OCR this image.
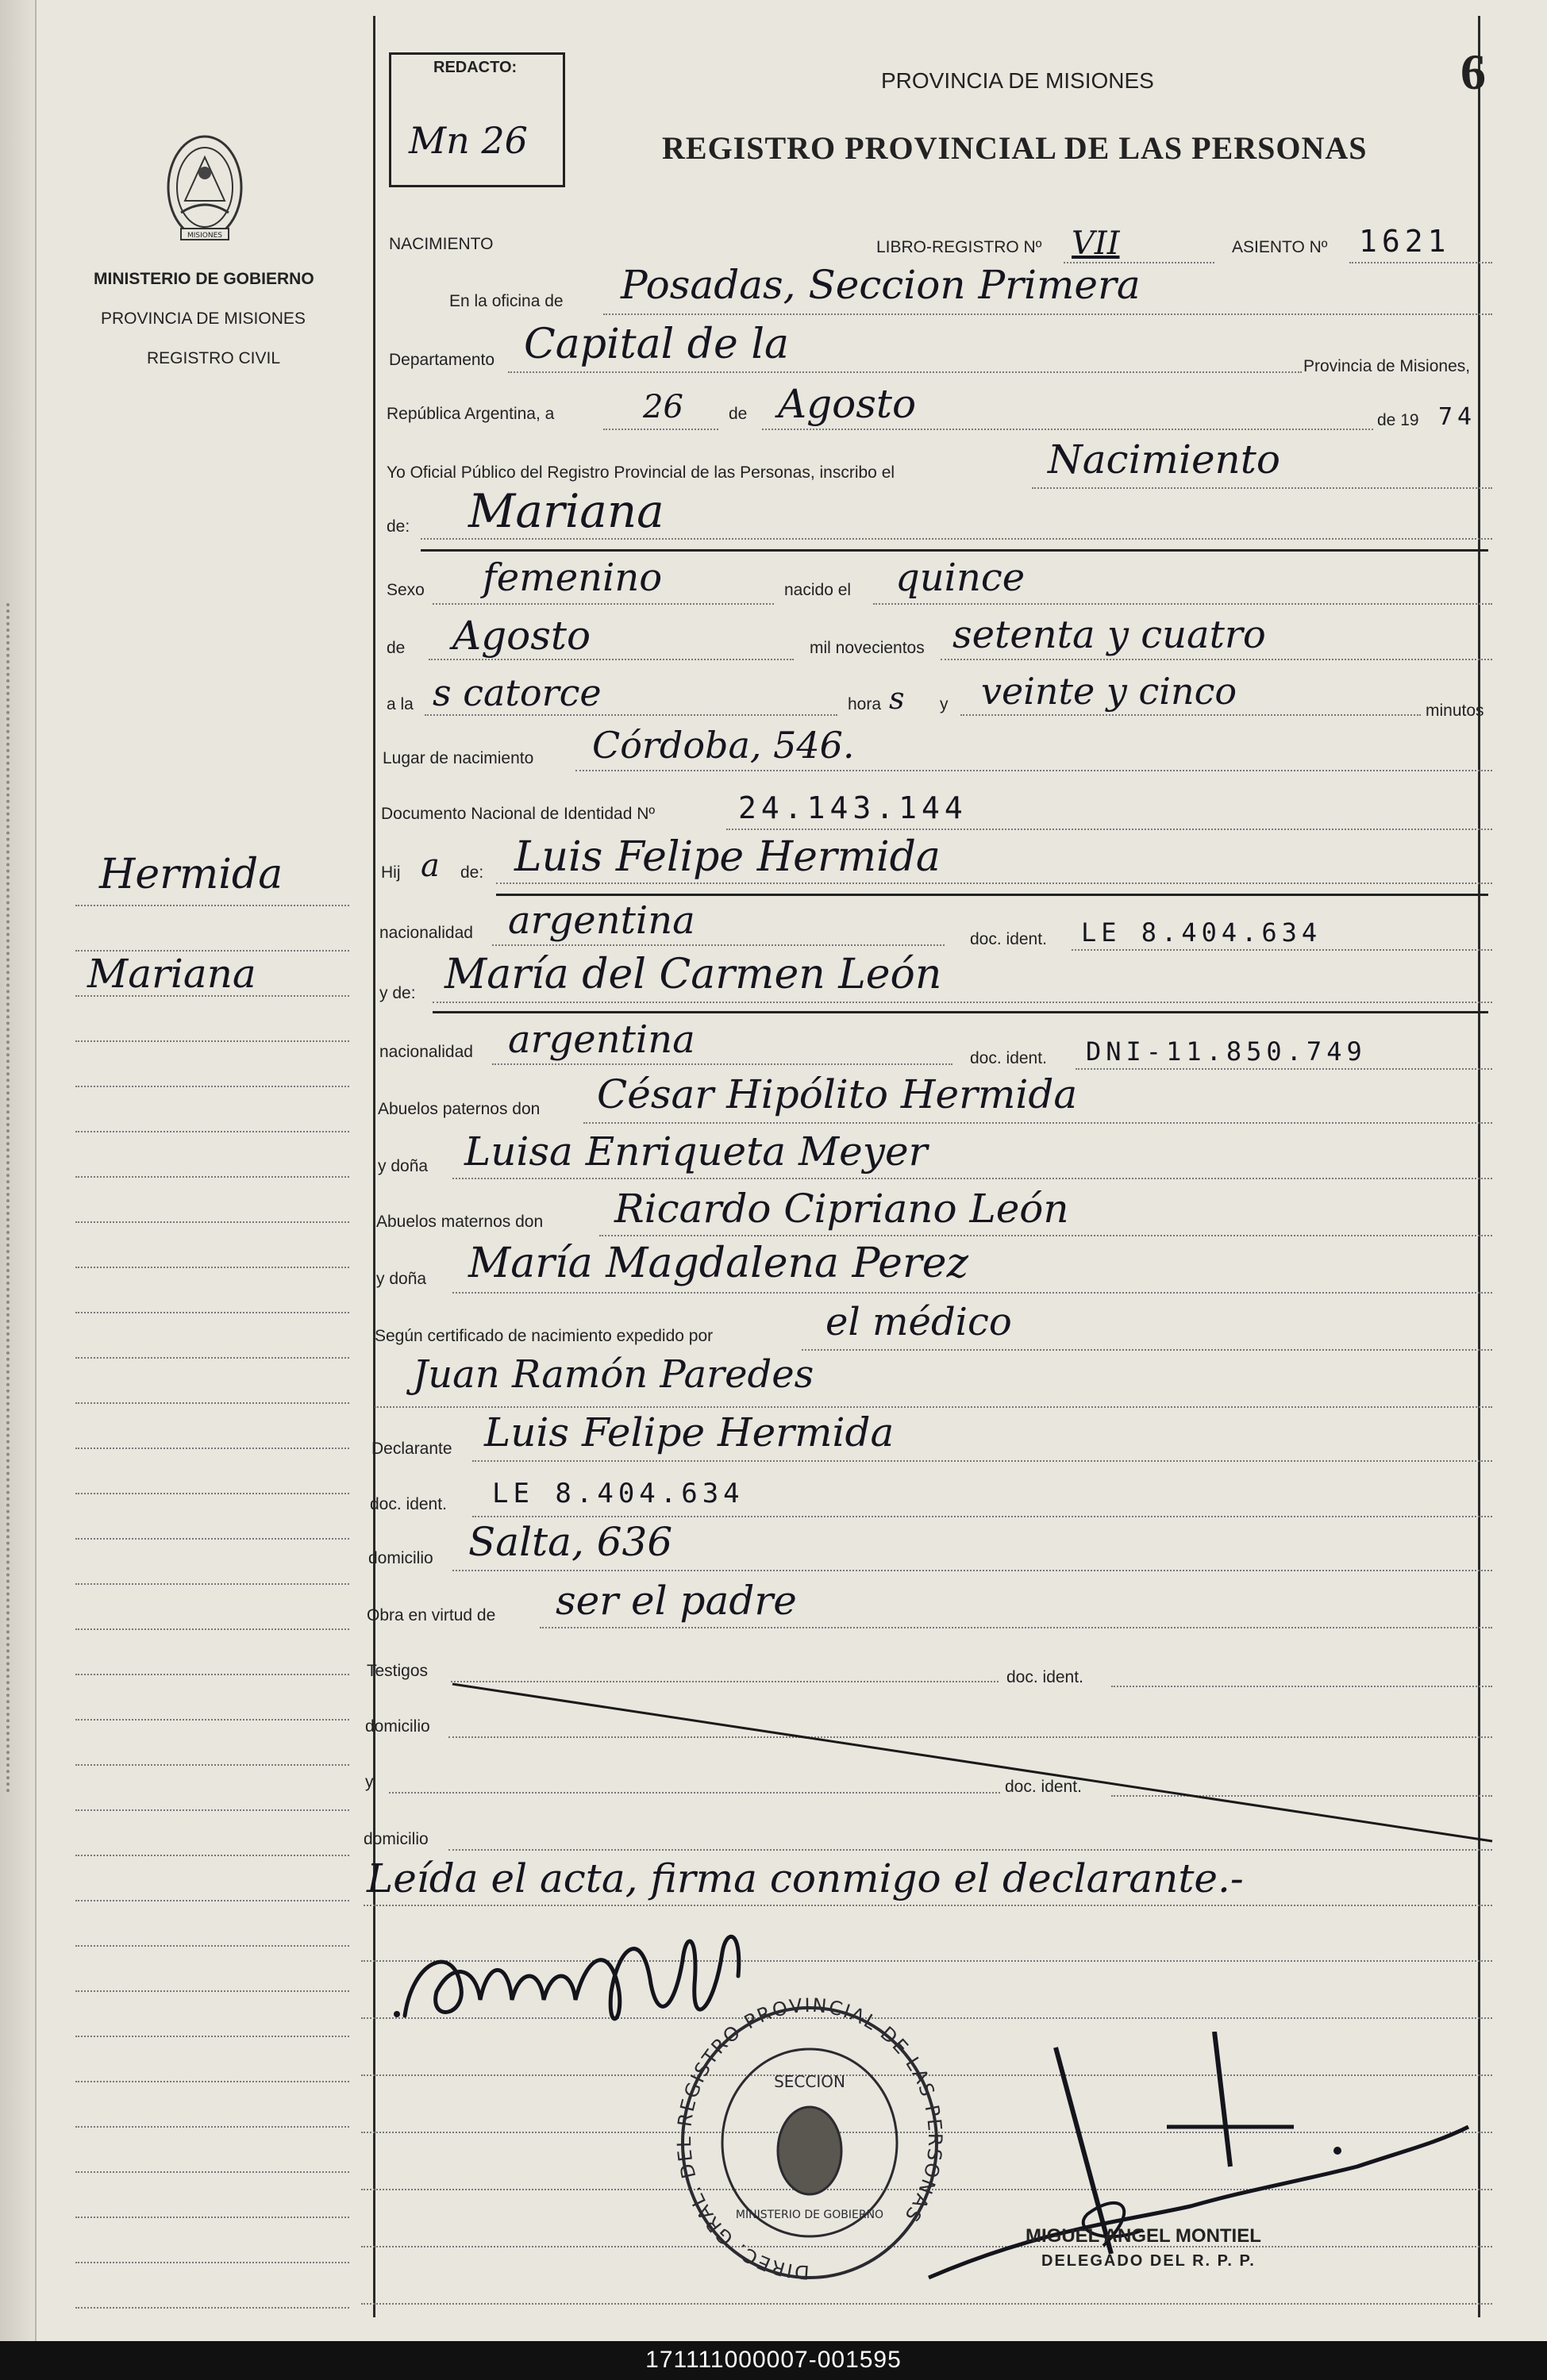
MISIONES
MINISTERIO DE GOBIERNO
PROVINCIA DE MISIONES
REGISTRO CIVIL
Hermida
Mariana
REDACTO:
Mn 26
PROVINCIA DE MISIONES
REGISTRO PROVINCIAL DE LAS PERSONAS
6
NACIMIENTO	LIBRO-REGISTRO Nº VII	ASIENTO Nº 1621
En la oficina de Posadas, Seccion Primera
Departamento Capital de la	Provincia de Misiones,
República Argentina, a	26	de Agosto	de 19 74
Yo Oficial Público del Registro Provincial de las Personas, inscribo el	Nacimiento
de: Mariana
Sexo femenino	nacido el quince
de Agosto	mil novecientos setenta y cuatro
a la s catorce	hora s y veinte y cinco	minutos
Lugar de nacimiento Córdoba, 546.
Documento Nacional de Identidad Nº	24.143.144
Hij a de: Luis Felipe Hermida
nacionalidad argentina	doc. ident. LE 8.404.634
y de: María del Carmen León
nacionalidad argentina	doc. ident. DNI-11.850.749
Abuelos paternos don César Hipólito Hermida
y doña Luisa Enriqueta Meyer
Abuelos maternos don Ricardo Cipriano León
y doña María Magdalena Perez
Según certificado de nacimiento expedido por	el médico
Juan Ramón Paredes
Declarante Luis Felipe Hermida
doc. ident. LE 8.404.634
domicilio Salta, 636
Obra en virtud de ser el padre
Testigos	doc. ident.
domicilio
y	doc. ident.
domicilio
Leída el acta, firma conmigo el declarante.-
DIREC. GRAL. DEL REGISTRO PROVINCIAL DE LAS PERSONAS
SECCION
MINISTERIO DE GOBIERNO
MIGUEL ANGEL MONTIEL
DELEGADO DEL R. P. P.
171111000007-001595
